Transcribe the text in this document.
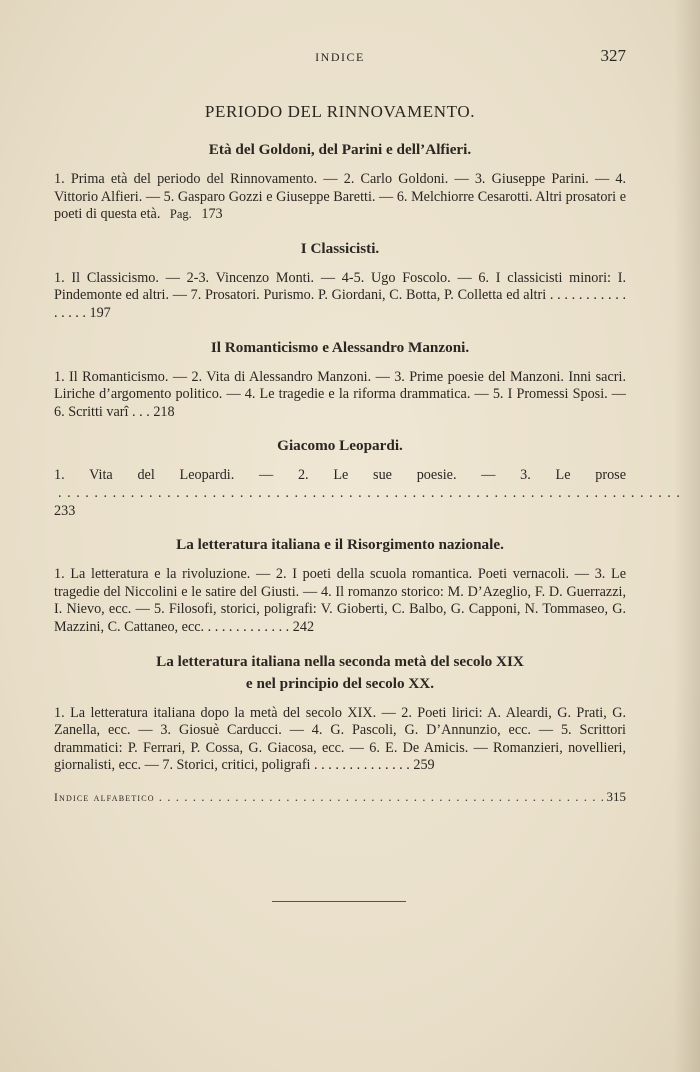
INDICE	327
PERIODO DEL RINNOVAMENTO.
Età del Goldoni, del Parini e dell’Alfieri.
1. Prima età del periodo del Rinnovamento. — 2. Carlo Goldoni. — 3. Giuseppe Parini. — 4. Vittorio Alfieri. — 5. Gasparo Gozzi e Giuseppe Baretti. — 6. Melchiorre Cesarotti. Altri prosatori e poeti di questa età. Pag. 173
I Classicisti.
1. Il Classicismo. — 2-3. Vincenzo Monti. — 4-5. Ugo Foscolo. — 6. I classicisti minori: I. Pindemonte ed altri. — 7. Prosatori. Purismo. P. Giordani, C. Botta, P. Colletta ed altri . . . . . . . . . . . . . . . . 197
Il Romanticismo e Alessandro Manzoni.
1. Il Romanticismo. — 2. Vita di Alessandro Manzoni. — 3. Prime poesie del Manzoni. Inni sacri. Liriche d’argomento politico. — 4. Le tragedie e la riforma drammatica. — 5. I Promessi Sposi. — 6. Scritti varî . . . 218
Giacomo Leopardi.
1. Vita del Leopardi. — 2. Le sue poesie. — 3. Le prose . . . 233
La letteratura italiana e il Risorgimento nazionale.
1. La letteratura e la rivoluzione. — 2. I poeti della scuola romantica. Poeti vernacoli. — 3. Le tragedie del Niccolini e le satire del Giusti. — 4. Il romanzo storico: M. D’Azeglio, F. D. Guerrazzi, I. Nievo, ecc. — 5. Filosofi, storici, poligrafi: V. Gioberti, C. Balbo, G. Capponi, N. Tommaseo, G. Mazzini, C. Cattaneo, ecc. . . . . . . . . . . . . 242
La letteratura italiana nella seconda metà del secolo XIX
e nel principio del secolo XX.
1. La letteratura italiana dopo la metà del secolo XIX. — 2. Poeti lirici: A. Aleardi, G. Prati, G. Zanella, ecc. — 3. Giosuè Carducci. — 4. G. Pascoli, G. D’Annunzio, ecc. — 5. Scrittori drammatici: P. Ferrari, P. Cossa, G. Giacosa, ecc. — 6. E. De Amicis. — Romanzieri, novellieri, giornalisti, ecc. — 7. Storici, critici, poligrafi . . . . . . . . . . . . . . 259
Indice alfabetico . . .	315
